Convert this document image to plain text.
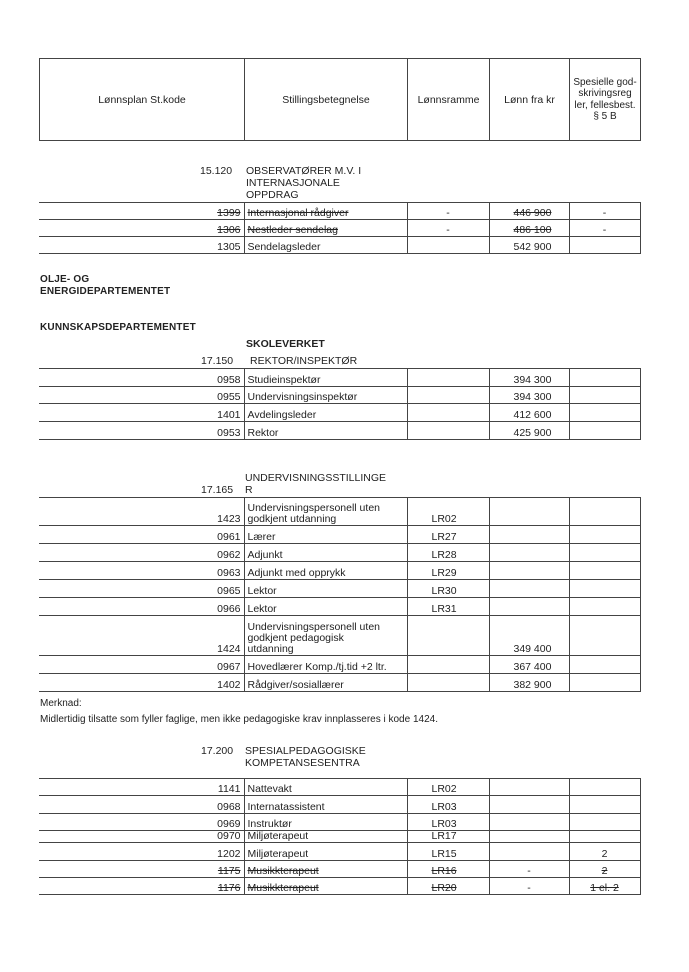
Lønnsplan St.kode	Stillingsbetegnelse	Lønnsramme	Lønn fra kr	Spesielle god-skrivingsreg ler, fellesbest. § 5 B
15.120 OBSERVATØRER M.V. I
INTERNASJONALE
OPPDRAG
1399	Internasjonal rådgiver	-	446 900	-
1306	Nestleder sendelag	-	486 100	-
1305	Sendelagsleder		542 900	
OLJE- OG
ENERGIDEPARTEMENTET
KUNNSKAPSDEPARTEMENTET
SKOLEVERKET
17.150 REKTOR/INSPEKTØR
0958	Studieinspektør		394 300	
0955	Undervisningsinspektør		394 300	
1401	Avdelingsleder		412 600	
0953	Rektor		425 900	
UNDERVISNINGSSTILLINGE
R
17.165
1423	Undervisningspersonell uten
godkjent utdanning	LR02		
0961	Lærer	LR27		
0962	Adjunkt	LR28		
0963	Adjunkt med opprykk	LR29		
0965	Lektor	LR30		
0966	Lektor	LR31		
1424	Undervisningspersonell uten
godkjent pedagogisk
utdanning		349 400	
0967	Hovedlærer Komp./tj.tid +2 ltr.		367 400	
1402	Rådgiver/sosiallærer		382 900	
Merknad:
Midlertidig tilsatte som fyller faglige, men ikke pedagogiske krav innplasseres i kode 1424.
17.200 SPESIALPEDAGOGISKE
KOMPETANSESENTRA
1141	Nattevakt	LR02		
0968	Internatassistent	LR03		
0969	Instruktør	LR03		
0970	Miljøterapeut	LR17		
1202	Miljøterapeut	LR15		2
1175	Musikkterapeut	LR16	-	2
1176	Musikkterapeut	LR20	-	1 el. 2
